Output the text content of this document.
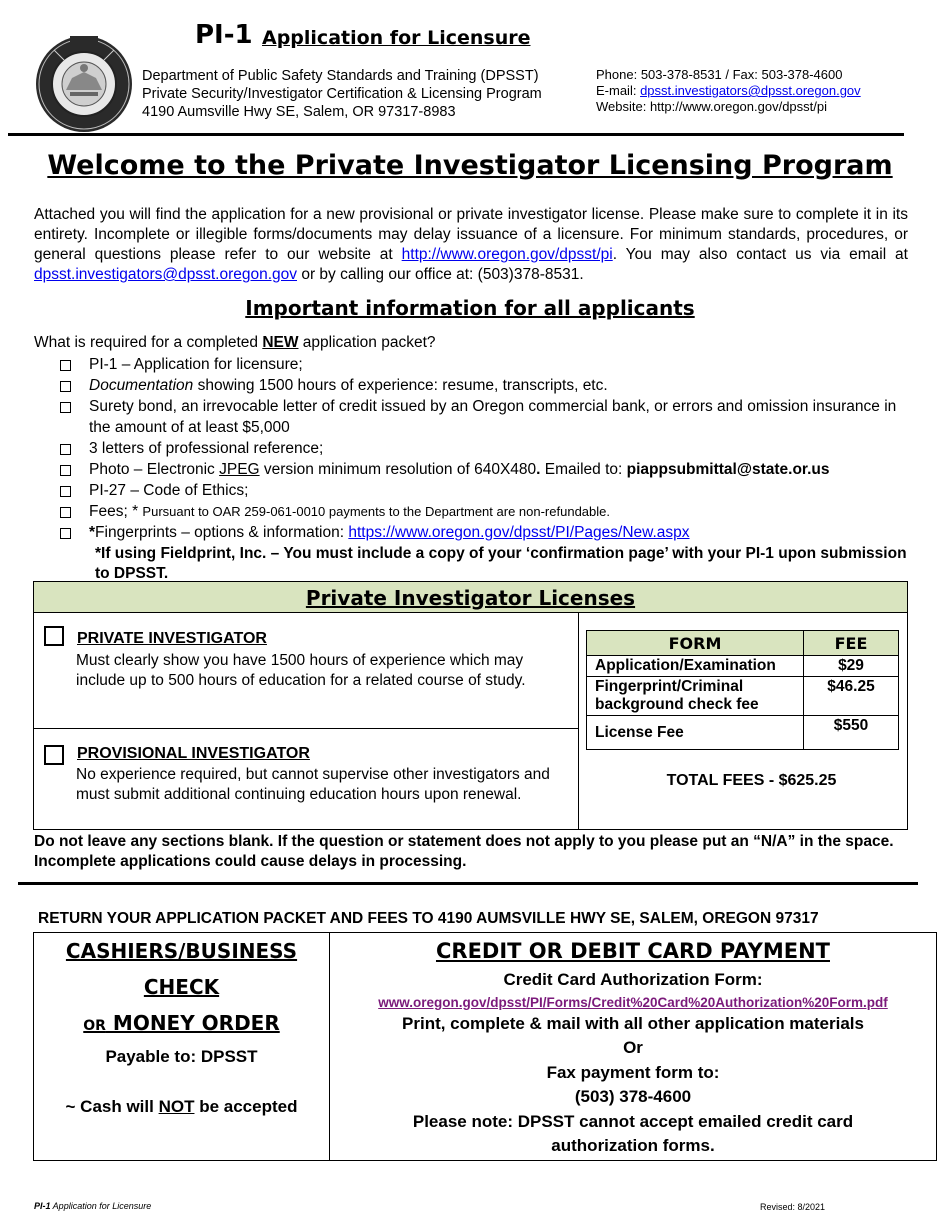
PI-1 Application for Licensure
Department of Public Safety Standards and Training (DPSST)
Private Security/Investigator Certification & Licensing Program
4190 Aumsville Hwy SE, Salem, OR 97317-8983
Phone: 503-378-8531 / Fax: 503-378-4600
E-mail: dpsst.investigators@dpsst.oregon.gov
Website: http://www.oregon.gov/dpsst/pi
Welcome to the Private Investigator Licensing Program
Attached you will find the application for a new provisional or private investigator license. Please make sure to complete it in its entirety. Incomplete or illegible forms/documents may delay issuance of a licensure. For minimum standards, procedures, or general questions please refer to our website at http://www.oregon.gov/dpsst/pi. You may also contact us via email at dpsst.investigators@dpsst.oregon.gov or by calling our office at: (503)378-8531.
Important information for all applicants
What is required for a completed NEW application packet?
PI-1 – Application for licensure;
Documentation showing 1500 hours of experience: resume, transcripts, etc.
Surety bond, an irrevocable letter of credit issued by an Oregon commercial bank, or errors and omission insurance in the amount of at least $5,000
3 letters of professional reference;
Photo – Electronic JPEG version minimum resolution of 640X480. Emailed to: piappsubmittal@state.or.us
PI-27 – Code of Ethics;
Fees; * Pursuant to OAR 259-061-0010 payments to the Department are non-refundable.
*Fingerprints – options & information: https://www.oregon.gov/dpsst/PI/Pages/New.aspx
*If using Fieldprint, Inc. – You must include a copy of your ‘confirmation page’ with your PI-1 upon submission to DPSST.
Private Investigator Licenses
PRIVATE INVESTIGATOR
Must clearly show you have 1500 hours of experience which may include up to 500 hours of education for a related course of study.
PROVISIONAL INVESTIGATOR
No experience required, but cannot supervise other investigators and must submit additional continuing education hours upon renewal.
FORM	FEE
Application/Examination	$29
Fingerprint/Criminal background check fee	$46.25
License Fee	$550
TOTAL FEES - $625.25
Do not leave any sections blank. If the question or statement does not apply to you please put an “N/A” in the space. Incomplete applications could cause delays in processing.
RETURN YOUR APPLICATION PACKET AND FEES TO 4190 AUMSVILLE HWY SE, SALEM, OREGON 97317
CASHIERS/BUSINESS
CHECK
OR MONEY ORDER
Payable to: DPSST
~ Cash will NOT be accepted
CREDIT OR DEBIT CARD PAYMENT
Credit Card Authorization Form:
www.oregon.gov/dpsst/PI/Forms/Credit%20Card%20Authorization%20Form.pdf
Print, complete & mail with all other application materials
Or
Fax payment form to:
(503) 378-4600
Please note: DPSST cannot accept emailed credit card authorization forms.
PI-1 Application for Licensure	Revised: 8/2021
